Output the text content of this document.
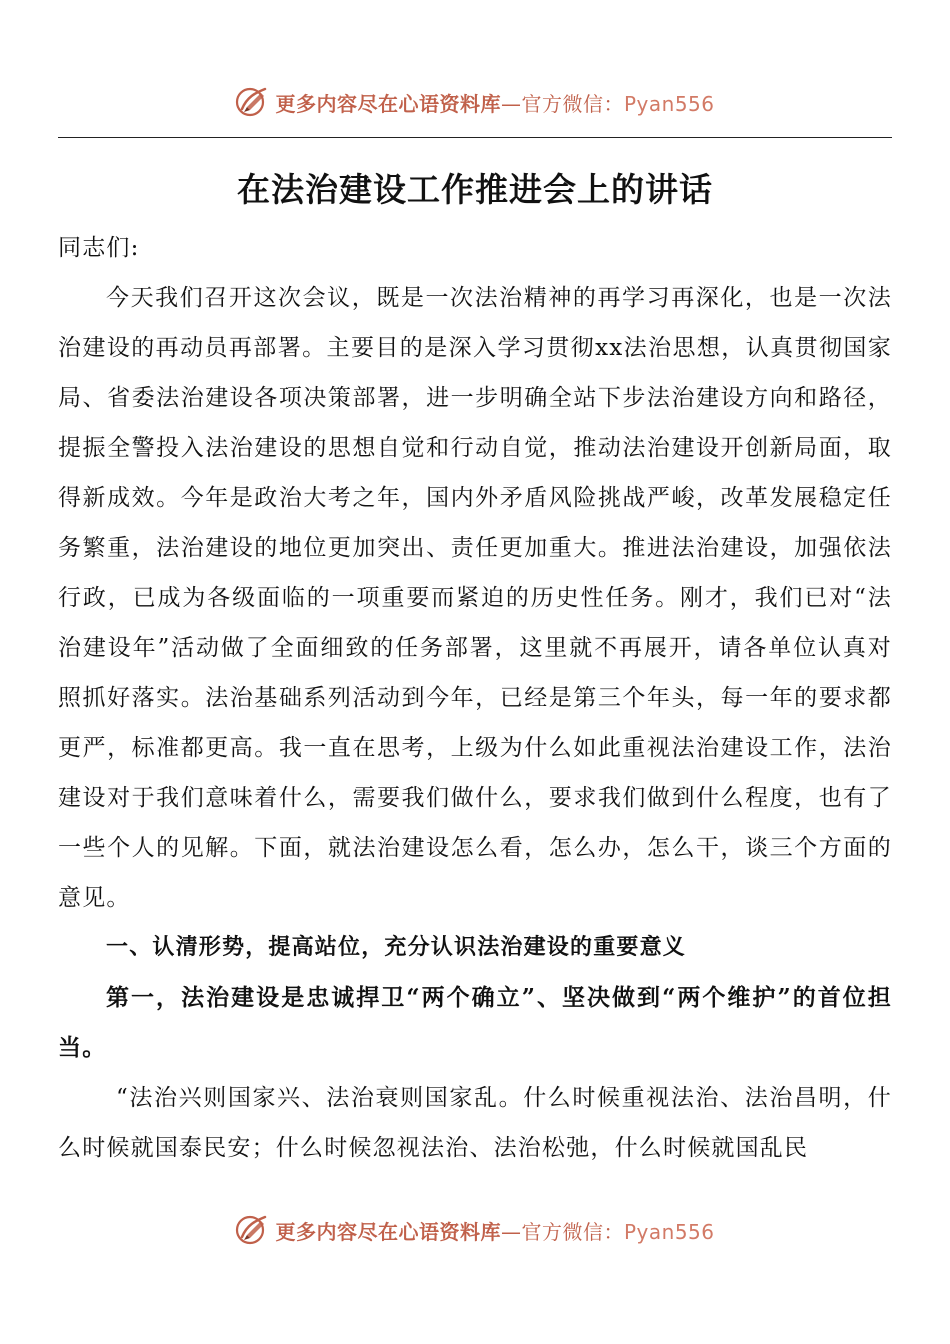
更多内容尽在心语资料库—官方微信：Pyan556
在法治建设工作推进会上的讲话

同志们:

今天我们召开这次会议，既是一次法治精神的再学习再深化，也是一次法治建设的再动员再部署。主要目的是深入学习贯彻xx法治思想，认真贯彻国家局、省委法治建设各项决策部署，进一步明确全站下步法治建设方向和路径，提振全警投入法治建设的思想自觉和行动自觉，推动法治建设开创新局面，取得新成效。今年是政治大考之年，国内外矛盾风险挑战严峻，改革发展稳定任务繁重，法治建设的地位更加突出、责任更加重大。推进法治建设，加强依法行政，已成为各级面临的一项重要而紧迫的历史性任务。刚才，我们已对“法治建设年”活动做了全面细致的任务部署，这里就不再展开，请各单位认真对照抓好落实。法治基础系列活动到今年，已经是第三个年头，每一年的要求都更严，标准都更高。我一直在思考，上级为什么如此重视法治建设工作，法治建设对于我们意味着什么，需要我们做什么，要求我们做到什么程度，也有了一些个人的见解。下面，就法治建设怎么看，怎么办，怎么干，谈三个方面的意见。

一、认清形势，提高站位，充分认识法治建设的重要意义

第一，法治建设是忠诚捍卫“两个确立”、坚决做到“两个维护”的首位担当。

“法治兴则国家兴、法治衰则国家乱。什么时候重视法治、法治昌明，什么时候就国泰民安；什么时候忽视法治、法治松弛，什么时候就国乱民

更多内容尽在心语资料库—官方微信：Pyan556
